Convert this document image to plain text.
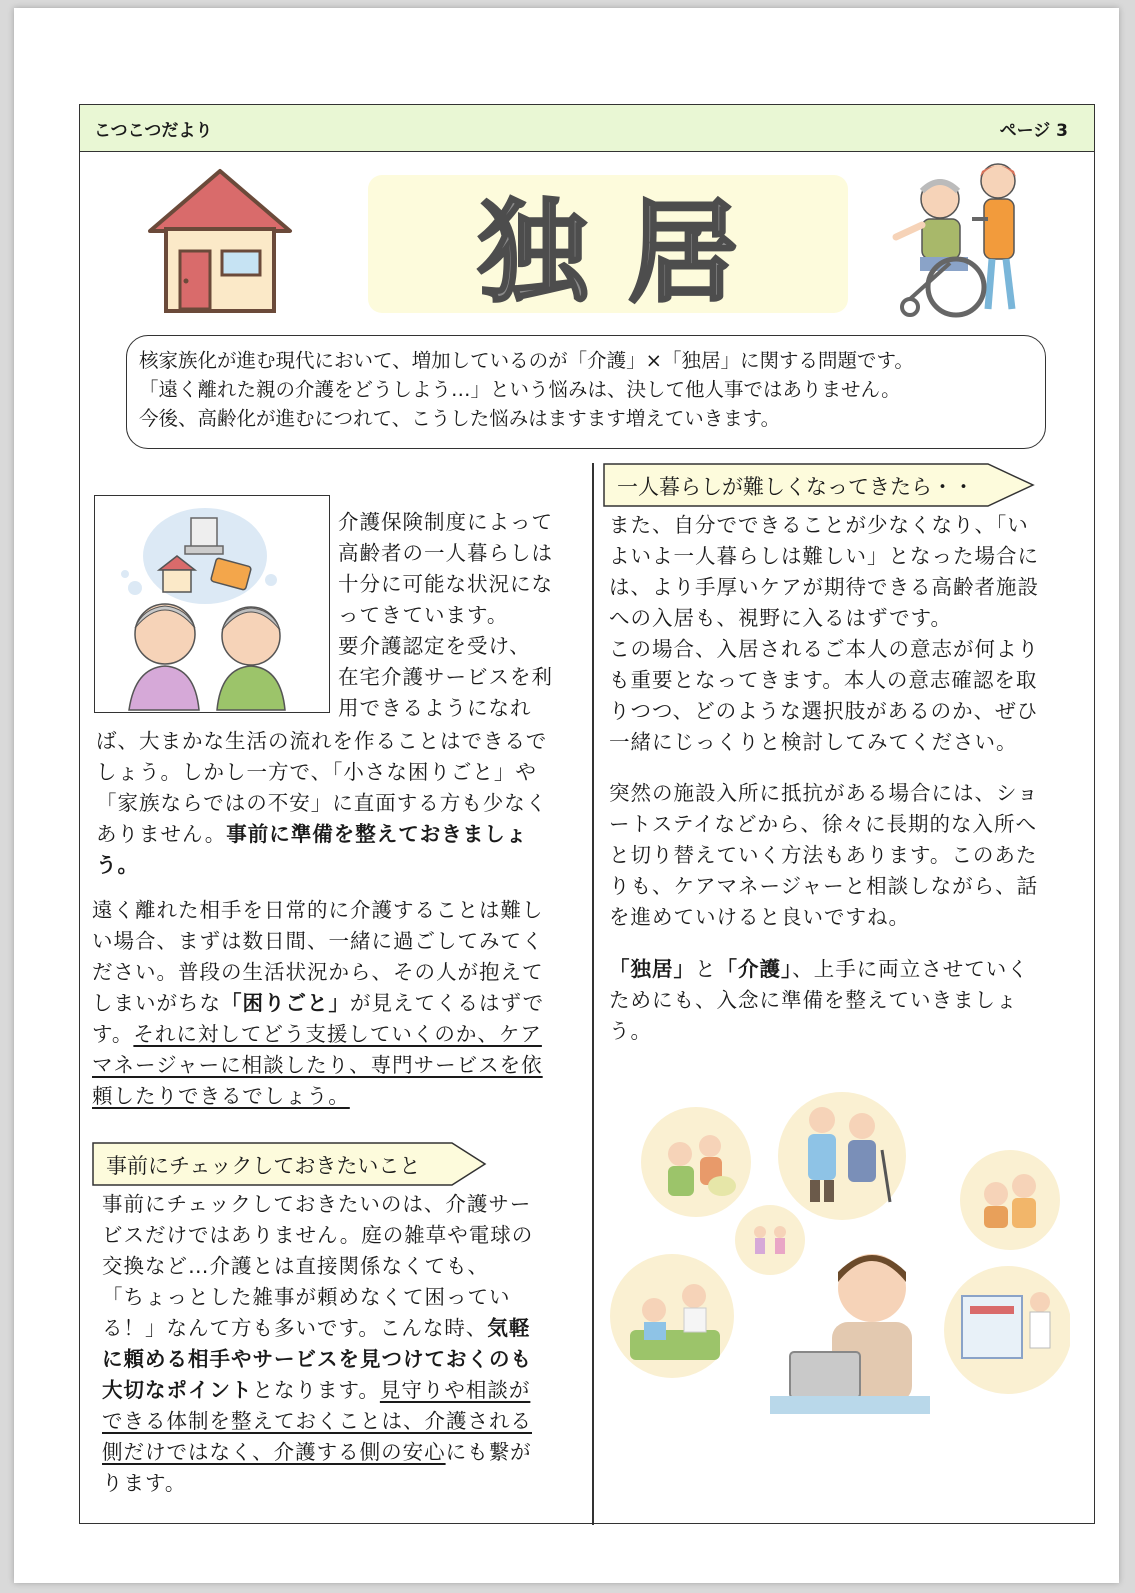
こつこつだより	ページ 3
独居

核家族化が進む現代において、増加しているのが「介護」×「独居」に関する問題です。

「遠く離れた親の介護をどうしよう…」という悩みは、決して他人事ではありません。

今後、高齢化が進むにつれて、こうした悩みはますます増えていきます。

介護保険制度によって
高齢者の一人暮らしは
十分に可能な状況にな
ってきています。
要介護認定を受け、
在宅介護サービスを利
用できるようになれ
ば、大まかな生活の流れを作ることはできるで
しょう。しかし一方で、「小さな困りごと」や
「家族ならではの不安」に直面する方も少なく
ありません。事前に準備を整えておきましょ
う。
遠く離れた相手を日常的に介護することは難し
い場合、まずは数日間、一緒に過ごしてみてく
ださい。普段の生活状況から、その人が抱えて
しまいがちな「困りごと」が見えてくるはずで
す。それに対してどう支援していくのか、ケア
マネージャーに相談したり、専門サービスを依
頼したりできるでしょう。
事前にチェックしておきたいこと
事前にチェックしておきたいのは、介護サー
ビスだけではありません。庭の雑草や電球の
交換など…介護とは直接関係なくても、
「ちょっとした雑事が頼めなくて困ってい
る！」なんて方も多いです。こんな時、気軽
に頼める相手やサービスを見つけておくのも
大切なポイントとなります。見守りや相談が
できる体制を整えておくことは、介護される
側だけではなく、介護する側の安心にも繋が
ります。
一人暮らしが難しくなってきたら・・
また、自分でできることが少なくなり、「い
よいよ一人暮らしは難しい」となった場合に
は、より手厚いケアが期待できる高齢者施設
への入居も、視野に入るはずです。
この場合、入居されるご本人の意志が何より
も重要となってきます。本人の意志確認を取
りつつ、どのような選択肢があるのか、ぜひ
一緒にじっくりと検討してみてください。
突然の施設入所に抵抗がある場合には、ショ
ートステイなどから、徐々に長期的な入所へ
と切り替えていく方法もあります。このあた
りも、ケアマネージャーと相談しながら、話
を進めていけると良いですね。
「独居」と「介護」、上手に両立させていく
ためにも、入念に準備を整えていきましょ
う。
